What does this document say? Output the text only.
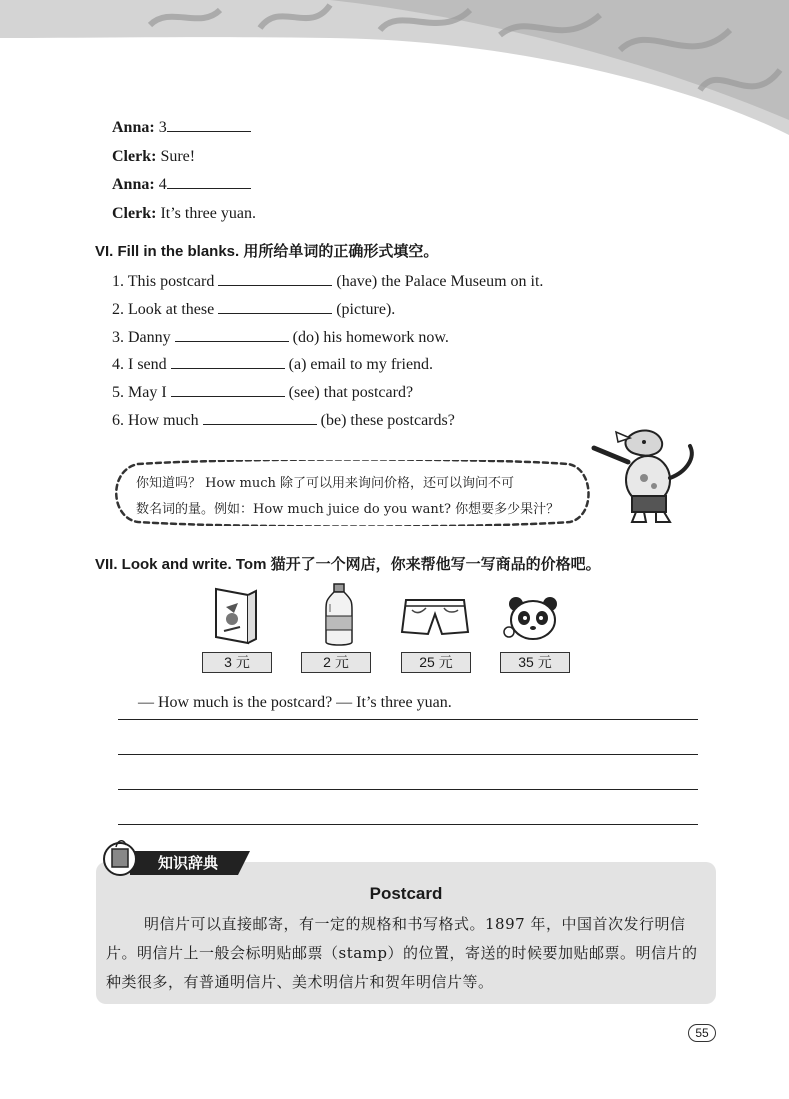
Anna: 3
Clerk: Sure!
Anna: 4
Clerk: It’s three yuan.
VI. Fill in the blanks. 用所给单词的正确形式填空。
1. This postcard	(have) the Palace Museum on it.
2. Look at these	(picture).
3. Danny	(do) his homework now.
4. I send	(a) email to my friend.
5. May I	(see) that postcard?
6. How much	(be) these postcards?
你知道吗？ How much 除了可以用来询问价格，还可以询问不可
数名词的量。例如：How much juice do you want? 你想要多少果汁？
VII. Look and write. Tom 猫开了一个网店，你来帮他写一写商品的价格吧。
3 元	2 元	25 元	35 元
— How much is the postcard? — It’s three yuan.
知识辞典
Postcard
明信片可以直接邮寄，有一定的规格和书写格式。1897 年，中国首次发行明信片。明信片上一般会标明贴邮票（stamp）的位置，寄送的时候要加贴邮票。明信片的种类很多，有普通明信片、美术明信片和贺年明信片等。
55
